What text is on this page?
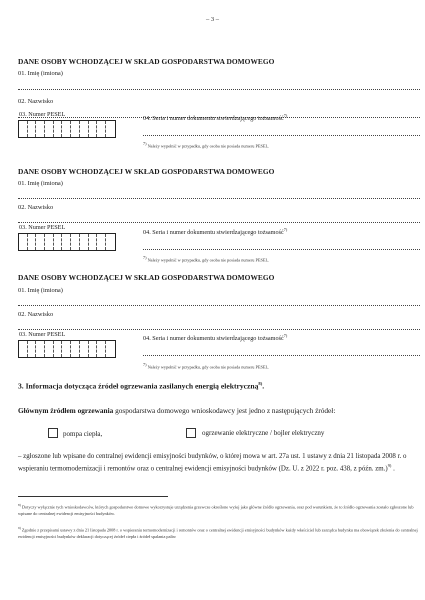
– 3 –
DANE OSOBY WCHODZĄCEJ W SKŁAD GOSPODARSTWA DOMOWEGO
01. Imię (imiona)
02. Nazwisko
03. Numer PESEL
04. Seria i numer dokumentu stwierdzającego tożsamość$^{7)}$
$^{7)}$ Należy wypełnić w przypadku, gdy osoba nie posiada numeru PESEL.
DANE OSOBY WCHODZĄCEJ W SKŁAD GOSPODARSTWA DOMOWEGO
01. Imię (imiona)
02. Nazwisko
03. Numer PESEL
04. Seria i numer dokumentu stwierdzającego tożsamość$^{7)}$
$^{7)}$ Należy wypełnić w przypadku, gdy osoba nie posiada numeru PESEL.
DANE OSOBY WCHODZĄCEJ W SKŁAD GOSPODARSTWA DOMOWEGO
01. Imię (imiona)
02. Nazwisko
03. Numer PESEL
04. Seria i numer dokumentu stwierdzającego tożsamość$^{7)}$
$^{7)}$ Należy wypełnić w przypadku, gdy osoba nie posiada numeru PESEL.
3. Informacja dotycząca źródeł ogrzewania zasilanych energią elektryczną$^{8)}$.
Głównym źródłem ogrzewania gospodarstwa domowego wnioskodawcy jest jedno z następujących źródeł:
pompa ciepła,	ogrzewanie elektryczne / bojler elektryczny
– zgłoszone lub wpisane do centralnej ewidencji emisyjności budynków, o której mowa w art. 27a ust. 1 ustawy z dnia 21 listopada 2008 r. o wspieraniu termomodernizacji i remontów oraz o centralnej ewidencji emisyjności budynków (Dz. U. z 2022 r. poz. 438, z późn. zm.)$^{9)}$ .
$^{8)}$ Dotyczy wyłącznie tych wnioskodawców, których gospodarstwo domowe wykorzystuje urządzenia grzewcze określone wyżej jako główne źródło ogrzewania, oraz pod warunkiem, że to źródło ogrzewania zostało zgłoszone lub wpisane do centralnej ewidencji emisyjności budynków.
$^{9)}$ Zgodnie z przepisami ustawy z dnia 21 listopada 2008 r. o wspieraniu termomodernizacji i remontów oraz o centralnej ewidencji emisyjności budynków każdy właściciel lub zarządca budynku ma obowiązek złożenia do centralnej ewidencji emisyjności budynków deklaracji dotyczącej źródeł ciepła i źródeł spalania paliw
